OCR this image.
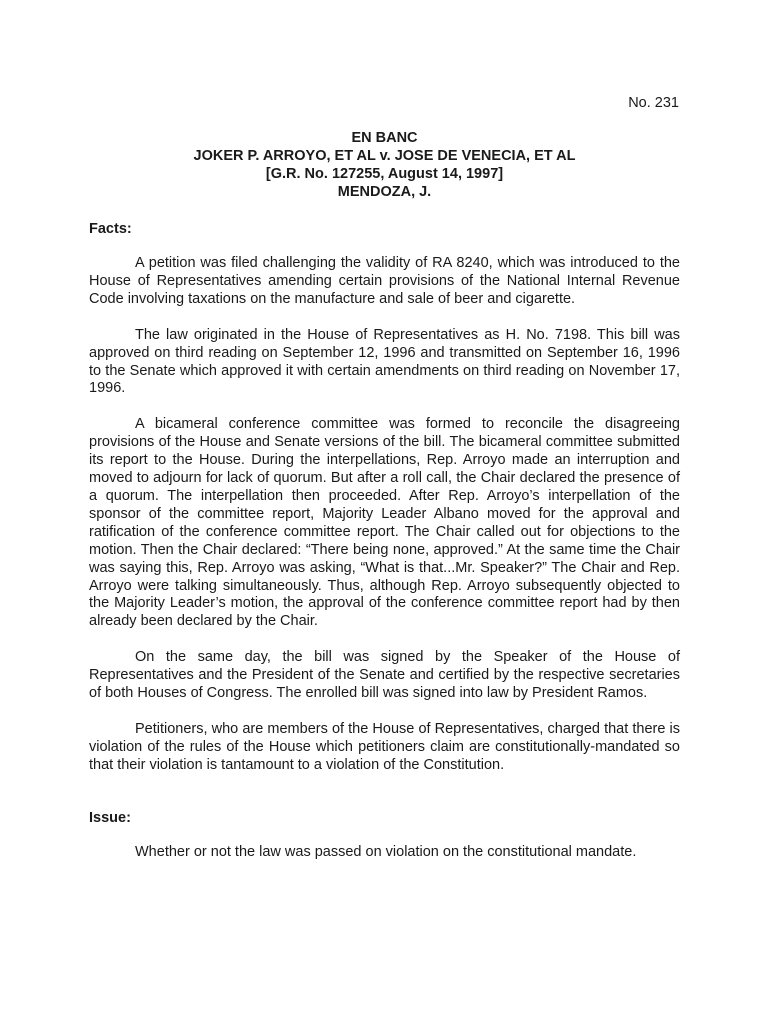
No. 231
EN BANC
JOKER P. ARROYO, ET AL v. JOSE DE VENECIA, ET AL
[G.R. No. 127255, August 14, 1997]
MENDOZA, J.
Facts:

A petition was filed challenging the validity of RA 8240, which was introduced to the House of Representatives amending certain provisions of the National Internal Revenue Code involving taxations on the manufacture and sale of beer and cigarette.

The law originated in the House of Representatives as H. No. 7198. This bill was approved on third reading on September 12, 1996 and transmitted on September 16, 1996 to the Senate which approved it with certain amendments on third reading on November 17, 1996.

A bicameral conference committee was formed to reconcile the disagreeing provisions of the House and Senate versions of the bill. The bicameral committee submitted its report to the House. During the interpellations, Rep. Arroyo made an interruption and moved to adjourn for lack of quorum. But after a roll call, the Chair declared the presence of a quorum. The interpellation then proceeded. After Rep. Arroyo’s interpellation of the sponsor of the committee report, Majority Leader Albano moved for the approval and ratification of the conference committee report. The Chair called out for objections to the motion. Then the Chair declared: “There being none, approved.” At the same time the Chair was saying this, Rep. Arroyo was asking, “What is that...Mr. Speaker?” The Chair and Rep. Arroyo were talking simultaneously. Thus, although Rep. Arroyo subsequently objected to the Majority Leader’s motion, the approval of the conference committee report had by then already been declared by the Chair.

On the same day, the bill was signed by the Speaker of the House of Representatives and the President of the Senate and certified by the respective secretaries of both Houses of Congress. The enrolled bill was signed into law by President Ramos.

Petitioners, who are members of the House of Representatives, charged that there is violation of the rules of the House which petitioners claim are constitutionally-mandated so that their violation is tantamount to a violation of the Constitution.

Issue:

Whether or not the law was passed on violation on the constitutional mandate.
